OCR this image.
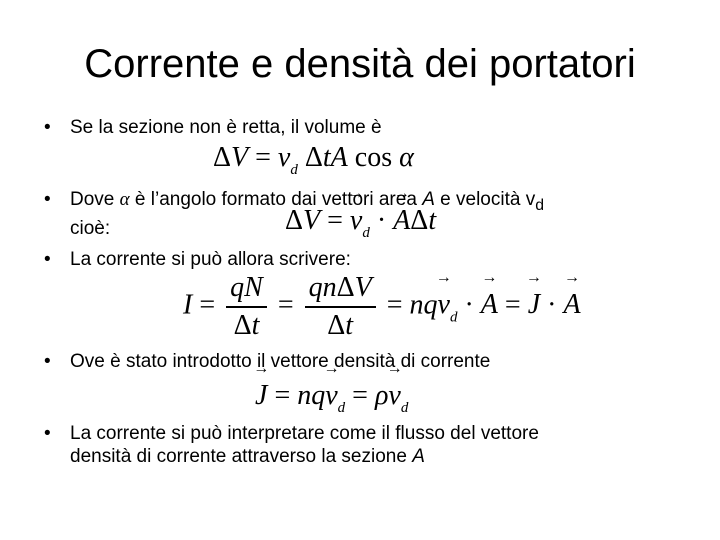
Corrente e densità dei portatori
• Se la sezione non è retta, il volume è
$\Delta V = v_d$ ΔtA cos α
• Dove α è l’angolo formato dai vettori area A e velocità $v_d$
cioè:	ΔV = → $v_d$ · → AΔt
• La corrente si può allora scrivere:
$I = \frac{qN}{\Delta t} = \frac{\text{qnΔV}}{\Delta t} = nq\to v_d$ · → A = → J · → A
• Ove è stato introdotto il vettore densità di corrente
→ $J = nq\to v_d = \rho\to v_d$
• La corrente si può interpretare come il flusso del vettore
densità di corrente attraverso la sezione A
